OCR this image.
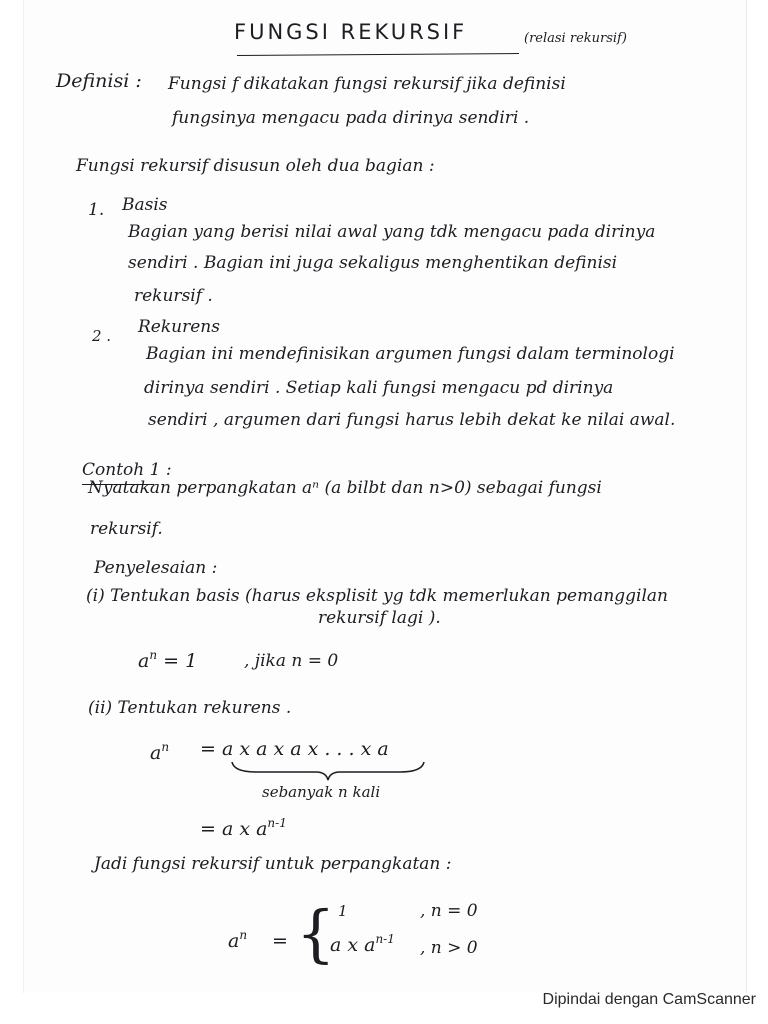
FUNGSI REKURSIF	(relasi rekursif)
Definisi : Fungsi f dikatakan fungsi rekursif jika definisi
fungsinya mengacu pada dirinya sendiri .
Fungsi rekursif disusun oleh dua bagian :
1. Basis
Bagian yang berisi nilai awal yang tdk mengacu pada dirinya
sendiri . Bagian ini juga sekaligus menghentikan definisi
rekursif .
2 . Rekurens
Bagian ini mendefinisikan argumen fungsi dalam terminologi
dirinya sendiri . Setiap kali fungsi mengacu pd dirinya
sendiri , argumen dari fungsi harus lebih dekat ke nilai awal.
Contoh 1 :
Nyatakan perpangkatan aⁿ (a bilbt dan n>0) sebagai fungsi
rekursif.
Penyelesaian :
(i) Tentukan basis (harus eksplisit yg tdk memerlukan pemanggilan
rekursif lagi ).
$a^n = 1$	, jika n = 0
(ii) Tentukan rekurens .
$a^n = a$ x a x a x . . . x a
sebanyak n kali
= a x $a^{n-1}$
Jadi fungsi rekursif untuk perpangkatan :
$a^n$ = { 1	, n = 0
a x $a^{n-1}$ , n > 0
Dipindai dengan CamScanner
